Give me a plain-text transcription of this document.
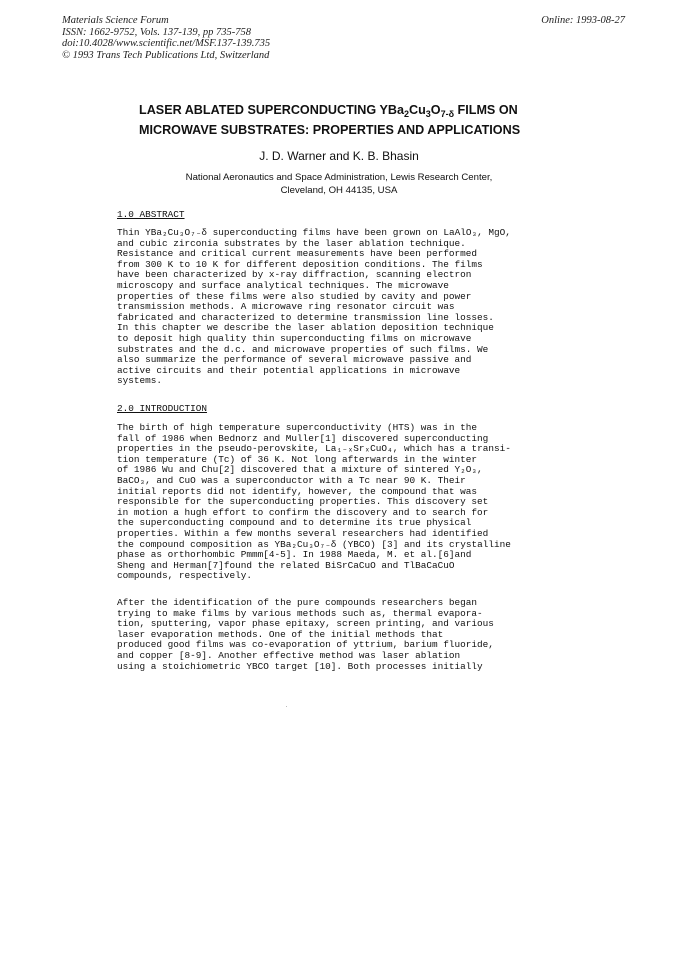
Materials Science Forum
ISSN: 1662-9752, Vols. 137-139, pp 735-758
doi:10.4028/www.scientific.net/MSF.137-139.735
© 1993 Trans Tech Publications Ltd, Switzerland
Online: 1993-08-27
LASER ABLATED SUPERCONDUCTING $YBa_2Cu_3O_{7-\delta}$ FILMS ON
MICROWAVE SUBSTRATES: PROPERTIES AND APPLICATIONS
J. D. Warner and K. B. Bhasin
National Aeronautics and Space Administration, Lewis Research Center,
Cleveland, OH 44135, USA
1.0 ABSTRACT
Thin YBa₂Cu₃O₇₋δ superconducting films have been grown on LaAlO₃, MgO,
and cubic zirconia substrates by the laser ablation technique.
Resistance and critical current measurements have been performed
from 300 K to 10 K for different deposition conditions. The films
have been characterized by x-ray diffraction, scanning electron
microscopy and surface analytical techniques. The microwave
properties of these films were also studied by cavity and power
transmission methods. A microwave ring resonator circuit was
fabricated and characterized to determine transmission line losses.
In this chapter we describe the laser ablation deposition technique
to deposit high quality thin superconducting films on microwave
substrates and the d.c. and microwave properties of such films. We
also summarize the performance of several microwave passive and
active circuits and their potential applications in microwave
systems.
2.0 INTRODUCTION
The birth of high temperature superconductivity (HTS) was in the
fall of 1986 when Bednorz and Muller[1] discovered superconducting
properties in the pseudo-perovskite, La₁₋ₓSrₓCuO₄, which has a transi-
tion temperature (Tc) of 36 K. Not long afterwards in the winter
of 1986 Wu and Chu[2] discovered that a mixture of sintered Y₂O₃,
BaCO₃, and CuO was a superconductor with a Tc near 90 K. Their
initial reports did not identify, however, the compound that was
responsible for the superconducting properties. This discovery set
in motion a hugh effort to confirm the discovery and to search for
the superconducting compound and to determine its true physical
properties. Within a few months several researchers had identified
the compound composition as YBa₂Cu₃O₇₋δ (YBCO) [3] and its crystalline
phase as orthorhombic Pmmm[4-5]. In 1988 Maeda, M. et al.[6]and
Sheng and Herman[7]found the related BiSrCaCuO and TlBaCaCuO
compounds, respectively.
After the identification of the pure compounds researchers began
trying to make films by various methods such as, thermal evapora-
tion, sputtering, vapor phase epitaxy, screen printing, and various
laser evaporation methods. One of the initial methods that
produced good films was co-evaporation of yttrium, barium fluoride,
and copper [8-9]. Another effective method was laser ablation
using a stoichiometric YBCO target [10]. Both processes initially
